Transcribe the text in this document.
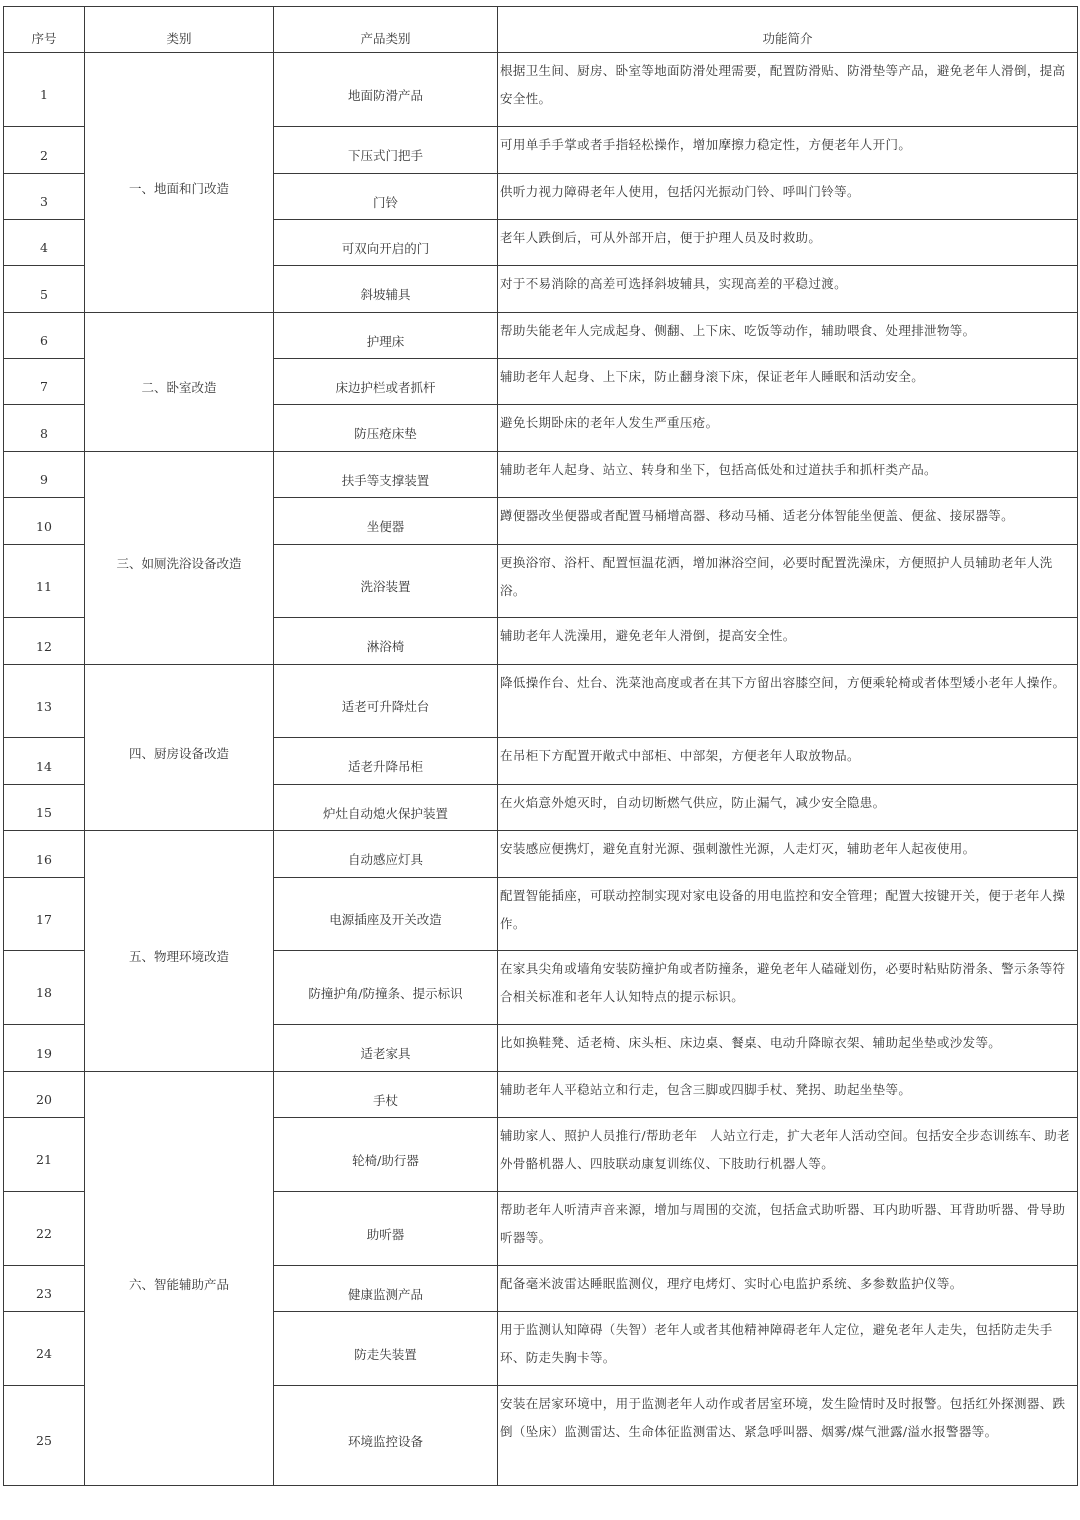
序号	类别	产品类别	功能简介
1	一、地面和门改造	地面防滑产品	根据卫生间、厨房、卧室等地面防滑处理需要，配置防滑贴、防滑垫等产品，避免老年人滑倒，提高安全性。
2		下压式门把手	可用单手手掌或者手指轻松操作，增加摩擦力稳定性，方便老年人开门。
3		门铃	供听力视力障碍老年人使用，包括闪光振动门铃、呼叫门铃等。
4		可双向开启的门	老年人跌倒后，可从外部开启，便于护理人员及时救助。
5		斜坡辅具	对于不易消除的高差可选择斜坡辅具，实现高差的平稳过渡。
6	二、卧室改造	护理床	帮助失能老年人完成起身、侧翻、上下床、吃饭等动作，辅助喂食、处理排泄物等。
7		床边护栏或者抓杆	辅助老年人起身、上下床，防止翻身滚下床，保证老年人睡眠和活动安全。
8		防压疮床垫	避免长期卧床的老年人发生严重压疮。
9	三、如厕洗浴设备改造	扶手等支撑装置	辅助老年人起身、站立、转身和坐下，包括高低处和过道扶手和抓杆类产品。
10		坐便器	蹲便器改坐便器或者配置马桶增高器、移动马桶、适老分体智能坐便盖、便盆、接尿器等。
11		洗浴装置	更换浴帘、浴杆、配置恒温花洒，增加淋浴空间，必要时配置洗澡床，方便照护人员辅助老年人洗浴。
12		淋浴椅	辅助老年人洗澡用，避免老年人滑倒，提高安全性。
13	四、厨房设备改造	适老可升降灶台	降低操作台、灶台、洗菜池高度或者在其下方留出容膝空间，方便乘轮椅或者体型矮小老年人操作。
14		适老升降吊柜	在吊柜下方配置开敞式中部柜、中部架，方便老年人取放物品。
15		炉灶自动熄火保护装置	在火焰意外熄灭时，自动切断燃气供应，防止漏气，减少安全隐患。
16	五、物理环境改造	自动感应灯具	安装感应便携灯，避免直射光源、强刺激性光源，人走灯灭，辅助老年人起夜使用。
17		电源插座及开关改造	配置智能插座，可联动控制实现对家电设备的用电监控和安全管理；配置大按键开关，便于老年人操作。
18		防撞护角/防撞条、提示标识	在家具尖角或墙角安装防撞护角或者防撞条，避免老年人磕碰划伤，必要时粘贴防滑条、警示条等符合相关标准和老年人认知特点的提示标识。
19		适老家具	比如换鞋凳、适老椅、床头柜、床边桌、餐桌、电动升降晾衣架、辅助起坐垫或沙发等。
20	六、智能辅助产品	手杖	辅助老年人平稳站立和行走，包含三脚或四脚手杖、凳拐、助起坐垫等。
21		轮椅/助行器	辅助家人、照护人员推行/帮助老年　人站立行走，扩大老年人活动空间。包括安全步态训练车、助老外骨骼机器人、四肢联动康复训练仪、下肢助行机器人等。
22		助听器	帮助老年人听清声音来源，增加与周围的交流，包括盒式助听器、耳内助听器、耳背助听器、骨导助听器等。
23		健康监测产品	配备毫米波雷达睡眠监测仪，理疗电烤灯、实时心电监护系统、多参数监护仪等。
24		防走失装置	用于监测认知障碍（失智）老年人或者其他精神障碍老年人定位，避免老年人走失，包括防走失手环、防走失胸卡等。
25		环境监控设备	安装在居家环境中，用于监测老年人动作或者居室环境，发生险情时及时报警。包括红外探测器、跌倒（坠床）监测雷达、生命体征监测雷达、紧急呼叫器、烟雾/煤气泄露/溢水报警器等。
